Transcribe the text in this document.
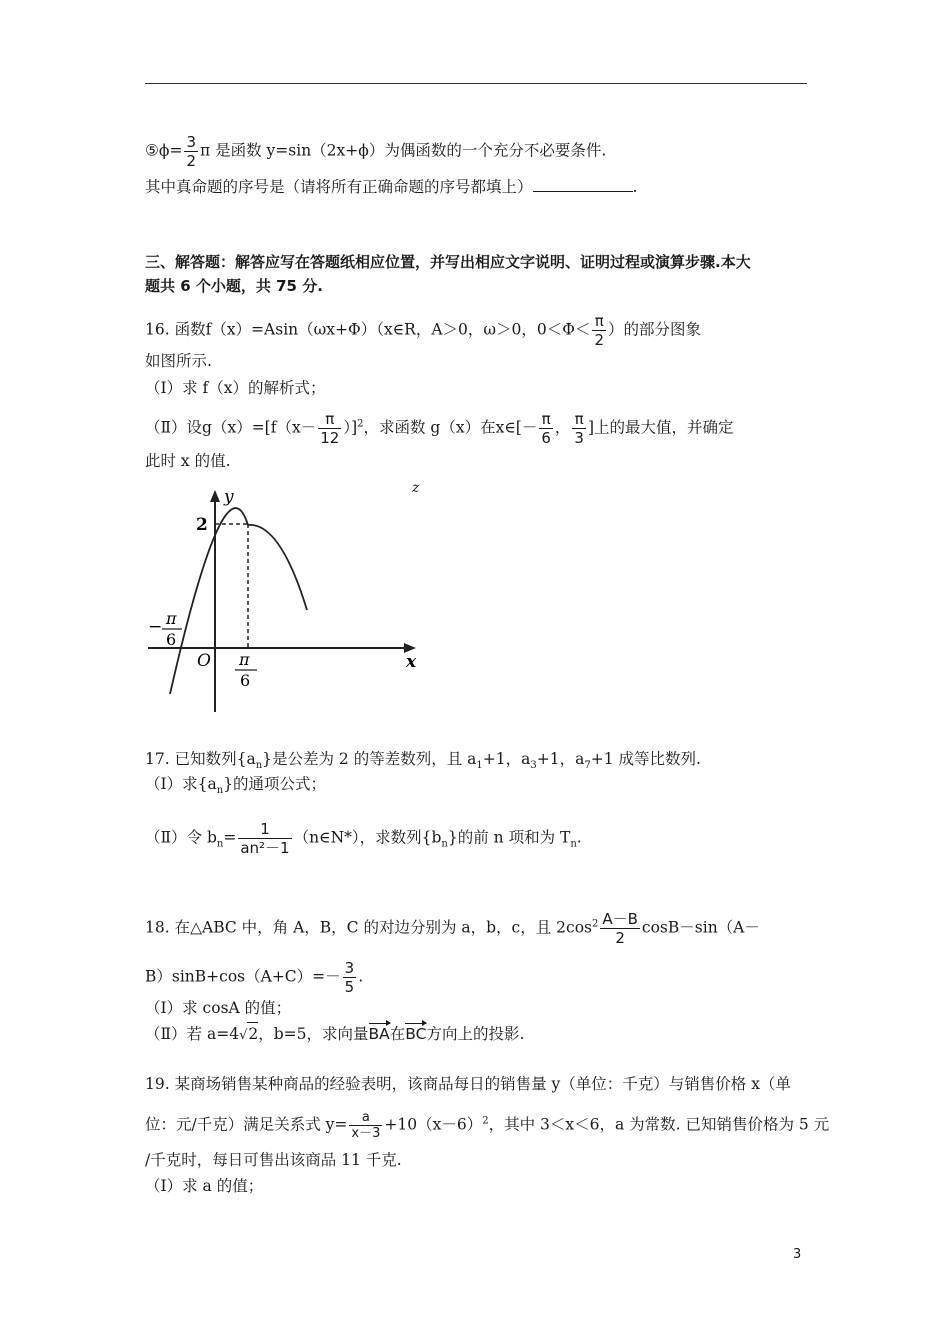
⑤ϕ= $\frac{3}{2}$ π 是函数 y=sin（2x+ϕ）为偶函数的一个充分不必要条件.
其中真命题的序号是（请将所有正确命题的序号都填上）	.
三、解答题：解答应写在答题纸相应位置，并写出相应文字说明、证明过程或演算步骤.本大
题共 6 个小题，共 75 分.
16. 函数f（x）=Asin（ωx+Φ）（x∈R，A＞0，ω＞0，$0<\Phi< \frac{\pi}{2}$ ）的部分图象
如图所示.
（Ⅰ）求 f（x）的解析式；
（Ⅱ）设$g(x)=[f(x- \frac{\pi}{12} )]^2$，求函数 g（x）在x∈[－ $\frac{\pi}{6}$ ， $\frac{\pi}{3}$ ]上的最大值，并确定
此时 x 的值.
z
y
x
2
O
− π
6
π
6
17. 已知数列$\{a_n\}$是公差为 2 的等差数列，且 $a_1+1$，$a_3+1$，$a_7+1$ 成等比数列.
（Ⅰ）求$\{a_n\}$的通项公式；
（Ⅱ）令 $b_n= \frac{1}{\text{an²－1}}$ （n∈N*），求数列$\{b_n\}$的前 n 项和为 $T_n$.
18. 在△ABC 中，角 A，B，C 的对边分别为 a，b，c，且 $2\cos^2 \frac{A-B}{2} \cos B-\sin(A-$
$B)\sin B+\cos(A+C)=- \frac{3}{5}$ .
（Ⅰ）求 cosA 的值；
（Ⅱ）若 a=4√2，b=5，求向量BA在BC方向上的投影.
19. 某商场销售某种商品的经验表明，该商品每日的销售量 y（单位：千克）与销售价格 x（单
位：元/千克）满足关系式 $y= \frac{a}{x-3} +10(x-6)^2$，其中 3＜x＜6，a 为常数. 已知销售价格为 5 元
/千克时，每日可售出该商品 11 千克.
（Ⅰ）求 a 的值；
3
